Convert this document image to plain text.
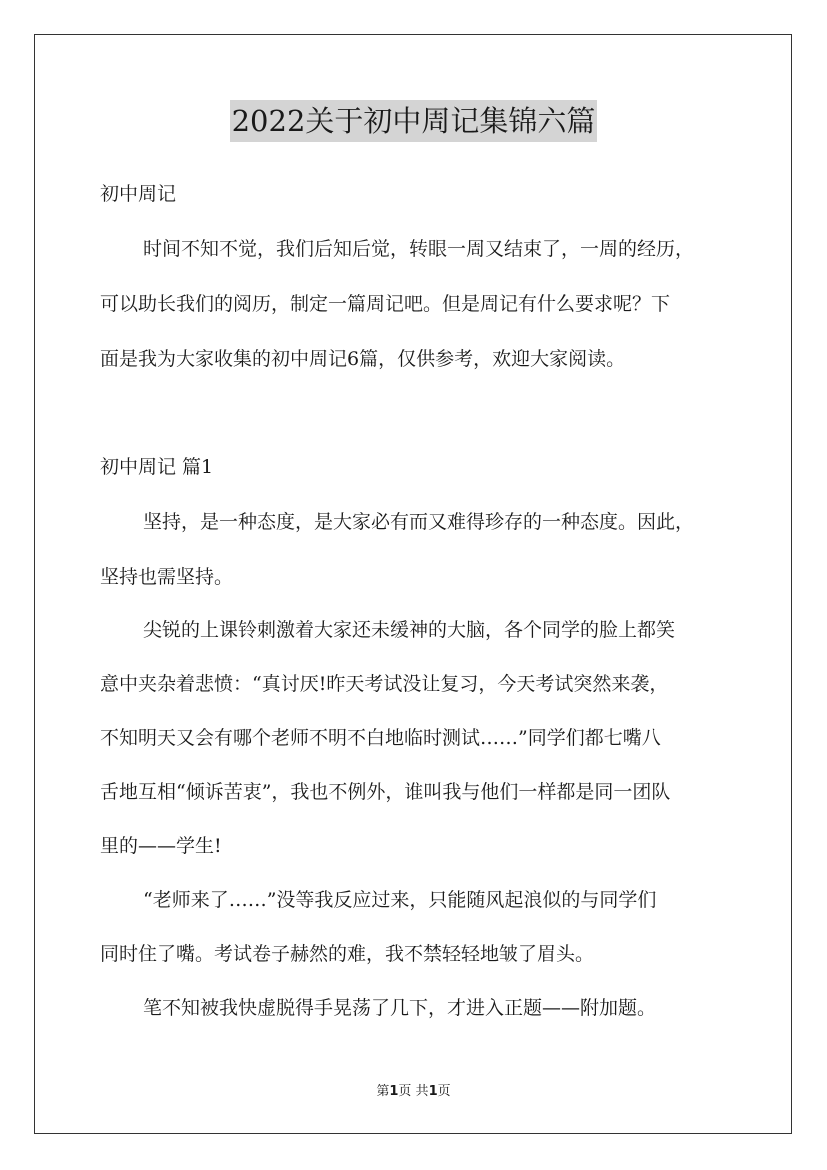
2022关于初中周记集锦六篇
初中周记
时间不知不觉，我们后知后觉，转眼一周又结束了，一周的经历，
可以助长我们的阅历，制定一篇周记吧。但是周记有什么要求呢？下
面是我为大家收集的初中周记6篇，仅供参考，欢迎大家阅读。
初中周记 篇1
坚持，是一种态度，是大家必有而又难得珍存的一种态度。因此，
坚持也需坚持。
尖锐的上课铃刺激着大家还未缓神的大脑，各个同学的脸上都笑
意中夹杂着悲愤：“真讨厌!昨天考试没让复习，今天考试突然来袭，
不知明天又会有哪个老师不明不白地临时测试……”同学们都七嘴八
舌地互相“倾诉苦衷”，我也不例外，谁叫我与他们一样都是同一团队
里的——学生!
“老师来了……”没等我反应过来，只能随风起浪似的与同学们
同时住了嘴。考试卷子赫然的难，我不禁轻轻地皱了眉头。
笔不知被我快虚脱得手晃荡了几下，才进入正题——附加题。
第1页 共1页
